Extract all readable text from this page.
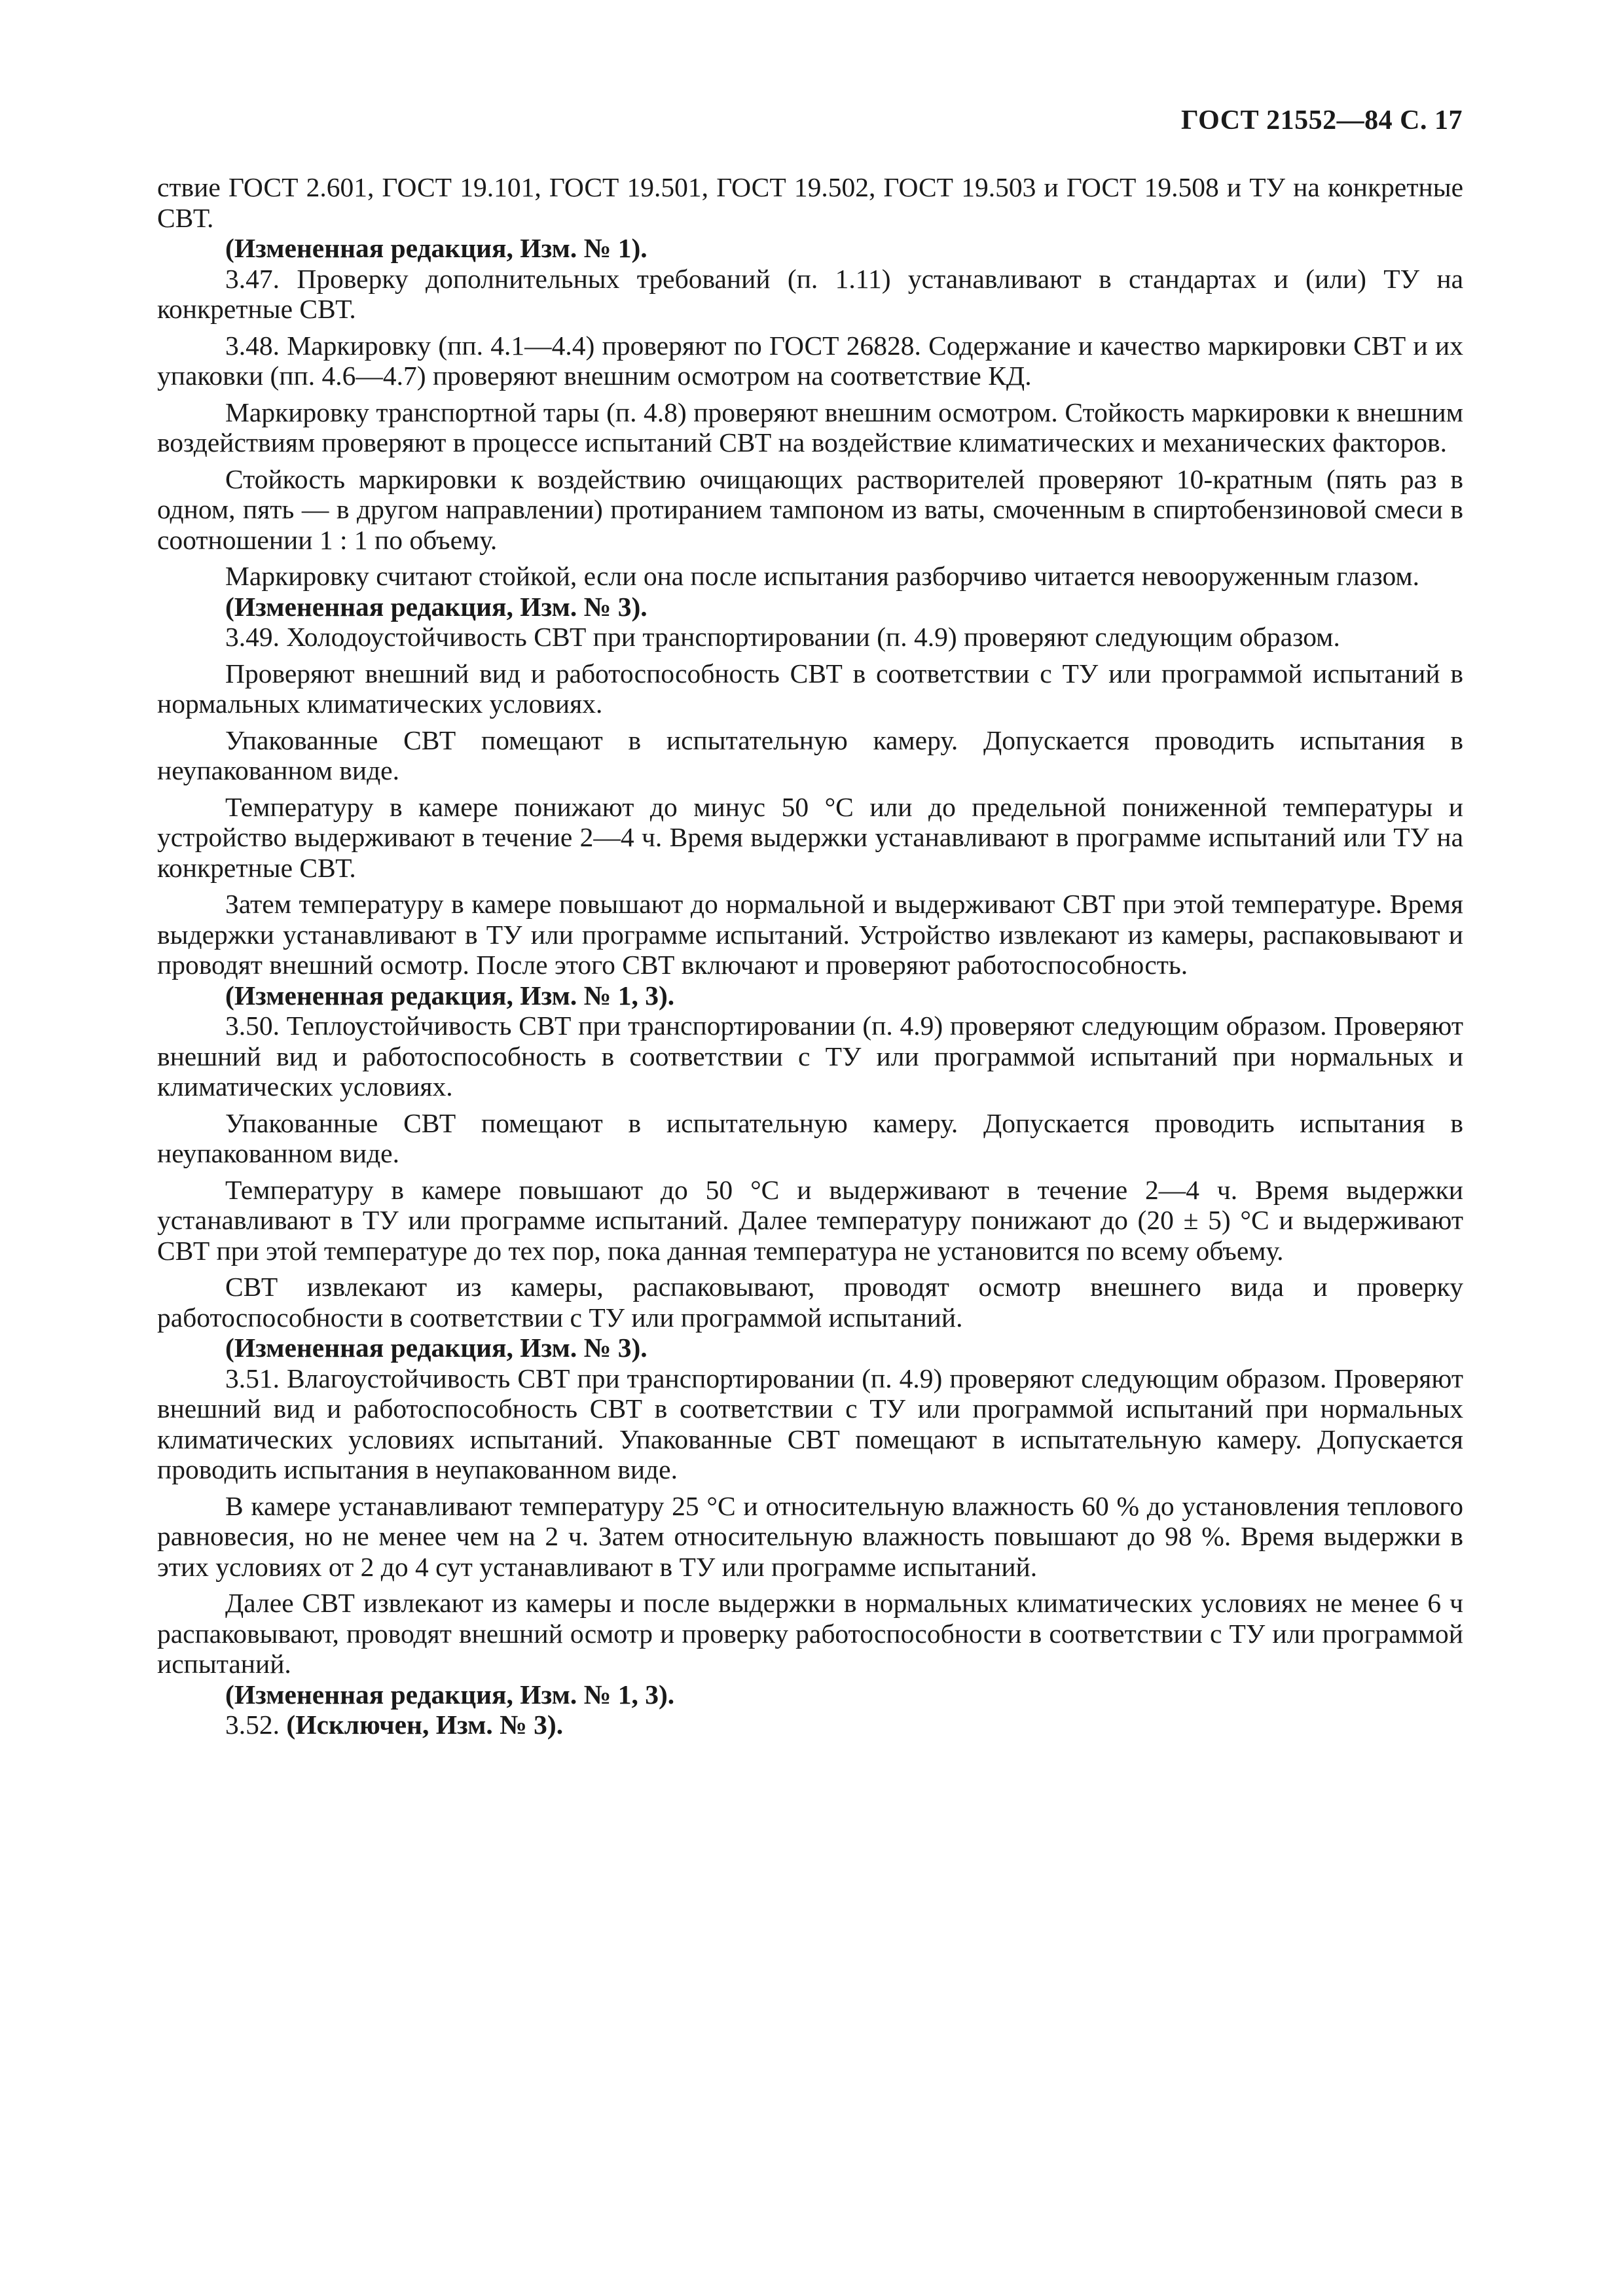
ГОСТ 21552—84 С. 17

ствие ГОСТ 2.601, ГОСТ 19.101, ГОСТ 19.501, ГОСТ 19.502, ГОСТ 19.503 и ГОСТ 19.508 и ТУ на конкретные СВТ.

(Измененная редакция, Изм. № 1).

3.47. Проверку дополнительных требований (п. 1.11) устанавливают в стандартах и (или) ТУ на конкретные СВТ.

3.48. Маркировку (пп. 4.1—4.4) проверяют по ГОСТ 26828. Содержание и качество маркировки СВТ и их упаковки (пп. 4.6—4.7) проверяют внешним осмотром на соответствие КД.

Маркировку транспортной тары (п. 4.8) проверяют внешним осмотром. Стойкость маркировки к внешним воздействиям проверяют в процессе испытаний СВТ на воздействие климатических и механических факторов.

Стойкость маркировки к воздействию очищающих растворителей проверяют 10-кратным (пять раз в одном, пять — в другом направлении) протиранием тампоном из ваты, смоченным в спиртобензиновой смеси в соотношении 1 : 1 по объему.

Маркировку считают стойкой, если она после испытания разборчиво читается невооруженным глазом.

(Измененная редакция, Изм. № 3).

3.49. Холодоустойчивость СВТ при транспортировании (п. 4.9) проверяют следующим образом.

Проверяют внешний вид и работоспособность СВТ в соответствии с ТУ или программой испытаний в нормальных климатических условиях.

Упакованные СВТ помещают в испытательную камеру. Допускается проводить испытания в неупакованном виде.

Температуру в камере понижают до минус 50 °С или до предельной пониженной температуры и устройство выдерживают в течение 2—4 ч. Время выдержки устанавливают в программе испытаний или ТУ на конкретные СВТ.

Затем температуру в камере повышают до нормальной и выдерживают СВТ при этой температуре. Время выдержки устанавливают в ТУ или программе испытаний. Устройство извлекают из камеры, распаковывают и проводят внешний осмотр. После этого СВТ включают и проверяют работоспособность.

(Измененная редакция, Изм. № 1, 3).

3.50. Теплоустойчивость СВТ при транспортировании (п. 4.9) проверяют следующим образом. Проверяют внешний вид и работоспособность в соответствии с ТУ или программой испытаний при нормальных и климатических условиях.

Упакованные СВТ помещают в испытательную камеру. Допускается проводить испытания в неупакованном виде.

Температуру в камере повышают до 50 °С и выдерживают в течение 2—4 ч. Время выдержки устанавливают в ТУ или программе испытаний. Далее температуру понижают до (20 ± 5) °С и выдерживают СВТ при этой температуре до тех пор, пока данная температура не установится по всему объему.

СВТ извлекают из камеры, распаковывают, проводят осмотр внешнего вида и проверку работоспособности в соответствии с ТУ или программой испытаний.

(Измененная редакция, Изм. № 3).

3.51. Влагоустойчивость СВТ при транспортировании (п. 4.9) проверяют следующим образом. Проверяют внешний вид и работоспособность СВТ в соответствии с ТУ или программой испытаний при нормальных климатических условиях испытаний. Упакованные СВТ помещают в испытательную камеру. Допускается проводить испытания в неупакованном виде.

В камере устанавливают температуру 25 °С и относительную влажность 60 % до установления теплового равновесия, но не менее чем на 2 ч. Затем относительную влажность повышают до 98 %. Время выдержки в этих условиях от 2 до 4 сут устанавливают в ТУ или программе испытаний.

Далее СВТ извлекают из камеры и после выдержки в нормальных климатических условиях не менее 6 ч распаковывают, проводят внешний осмотр и проверку работоспособности в соответствии с ТУ или программой испытаний.

(Измененная редакция, Изм. № 1, 3).

3.52. (Исключен, Изм. № 3).
